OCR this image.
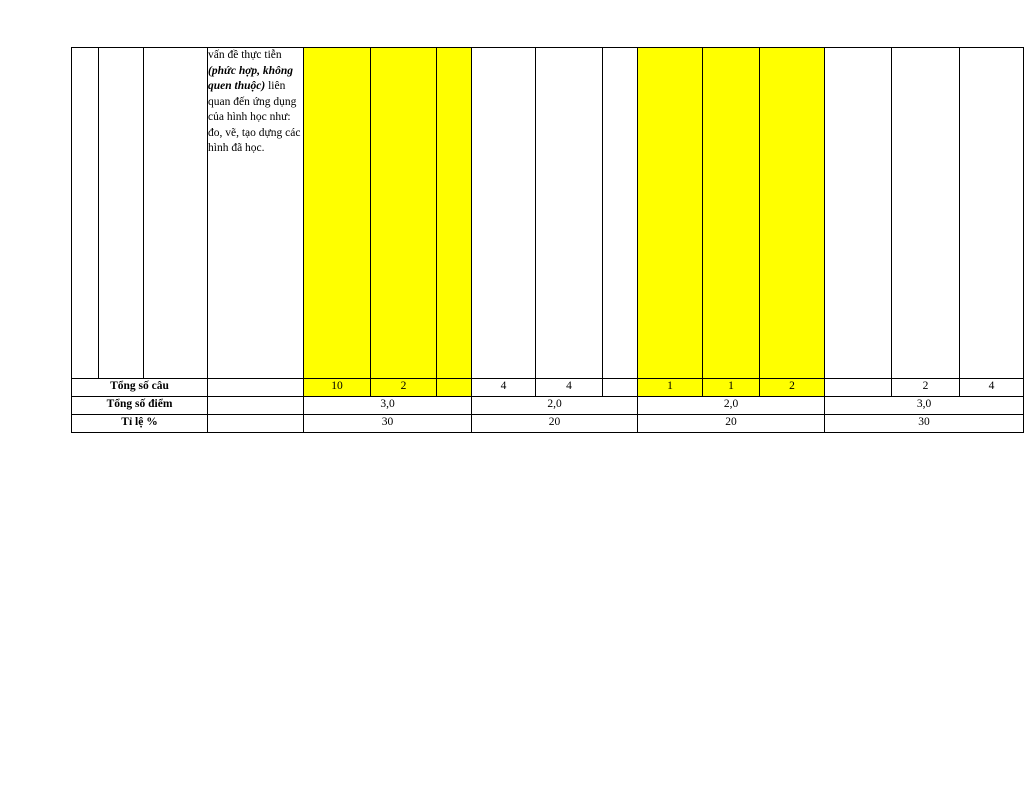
			vấn đề thực tiễn (phức hợp, không quen thuộc) liên quan đến ứng dụng của hình học như: đo, vẽ, tạo dựng các hình đã học.												
Tổng số câu				10	2		4	4		1	1	2		2	4
Tổng số điểm				3,0			2,0			2,0			3,0		
Tỉ lệ %				30			20			20			30		
